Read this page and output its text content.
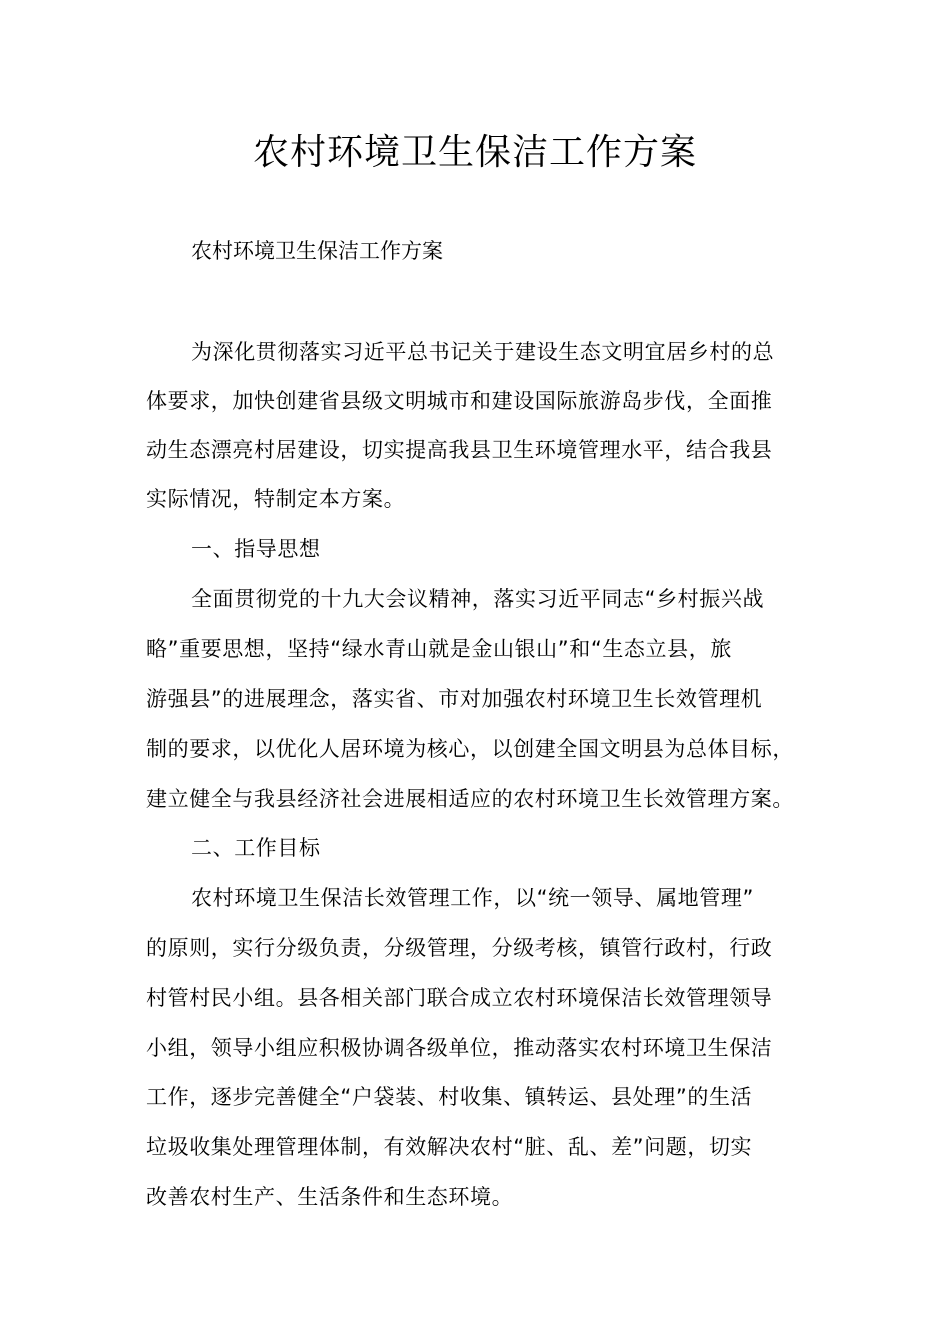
农村环境卫生保洁工作方案
农村环境卫生保洁工作方案
为深化贯彻落实习近平总书记关于建设生态文明宜居乡村的总
体要求，加快创建省县级文明城市和建设国际旅游岛步伐，全面推
动生态漂亮村居建设，切实提高我县卫生环境管理水平，结合我县
实际情况，特制定本方案。
一、指导思想
全面贯彻党的十九大会议精神，落实习近平同志“乡村振兴战
略”重要思想，坚持“绿水青山就是金山银山”和“生态立县，旅
游强县”的进展理念，落实省、市对加强农村环境卫生长效管理机
制的要求，以优化人居环境为核心，以创建全国文明县为总体目标，
建立健全与我县经济社会进展相适应的农村环境卫生长效管理方案。
二、工作目标
农村环境卫生保洁长效管理工作，以“统一领导、属地管理”
的原则，实行分级负责，分级管理，分级考核，镇管行政村，行政
村管村民小组。县各相关部门联合成立农村环境保洁长效管理领导
小组，领导小组应积极协调各级单位，推动落实农村环境卫生保洁
工作，逐步完善健全“户袋装、村收集、镇转运、县处理”的生活
垃圾收集处理管理体制，有效解决农村“脏、乱、差”问题，切实
改善农村生产、生活条件和生态环境。
